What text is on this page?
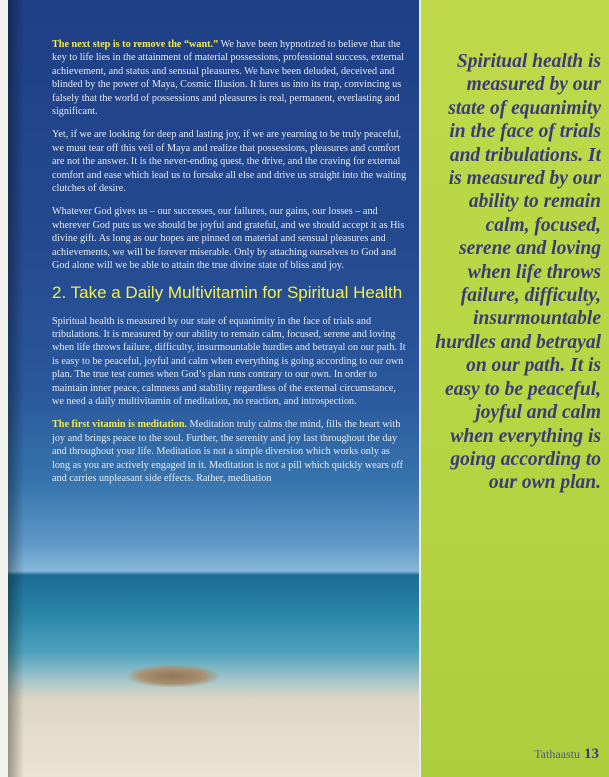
The next step is to remove the “want.” We have been hypnotized to believe that the key to life lies in the attainment of material possessions, professional success, external achievement, and status and sensual pleasures. We have been deluded, deceived and blinded by the power of Maya, Cosmic Illusion. It lures us into its trap, convincing us falsely that the world of possessions and pleasures is real, permanent, everlasting and significant.

Yet, if we are looking for deep and lasting joy, if we are yearning to be truly peaceful, we must tear off this veil of Maya and realize that possessions, pleasures and comfort are not the answer. It is the never-ending quest, the drive, and the craving for external comfort and ease which lead us to forsake all else and drive us straight into the waiting clutches of desire.

Whatever God gives us – our successes, our failures, our gains, our losses – and wherever God puts us we should be joyful and grateful, and we should accept it as His divine gift. As long as our hopes are pinned on material and sensual pleasures and achievements, we will be forever miserable. Only by attaching ourselves to God and God alone will we be able to attain the true divine state of bliss and joy.

2. Take a Daily Multivitamin for Spiritual Health

Spiritual health is measured by our state of equanimity in the face of trials and tribulations. It is measured by our ability to remain calm, focused, serene and loving when life throws failure, difficulty, insurmountable hurdles and betrayal on our path. It is easy to be peaceful, joyful and calm when everything is going according to our own plan. The true test comes when God’s plan runs contrary to our own. In order to maintain inner peace, calmness and stability regardless of the external circumstance, we need a daily multivitamin of meditation, no reaction, and introspection.

The first vitamin is meditation. Meditation truly calms the mind, fills the heart with joy and brings peace to the soul. Further, the serenity and joy last throughout the day and throughout your life. Meditation is not a simple diversion which works only as long as you are actively engaged in it. Meditation is not a pill which quickly wears off and carries unpleasant side effects. Rather, meditation

Spiritual health is measured by our state of equanimity in the face of trials and tribulations. It is measured by our ability to remain calm, focused, serene and loving when life throws failure, difficulty, insurmountable hurdles and betrayal on our path. It is easy to be peaceful, joyful and calm when everything is going according to our own plan.
Tathaastu 13
